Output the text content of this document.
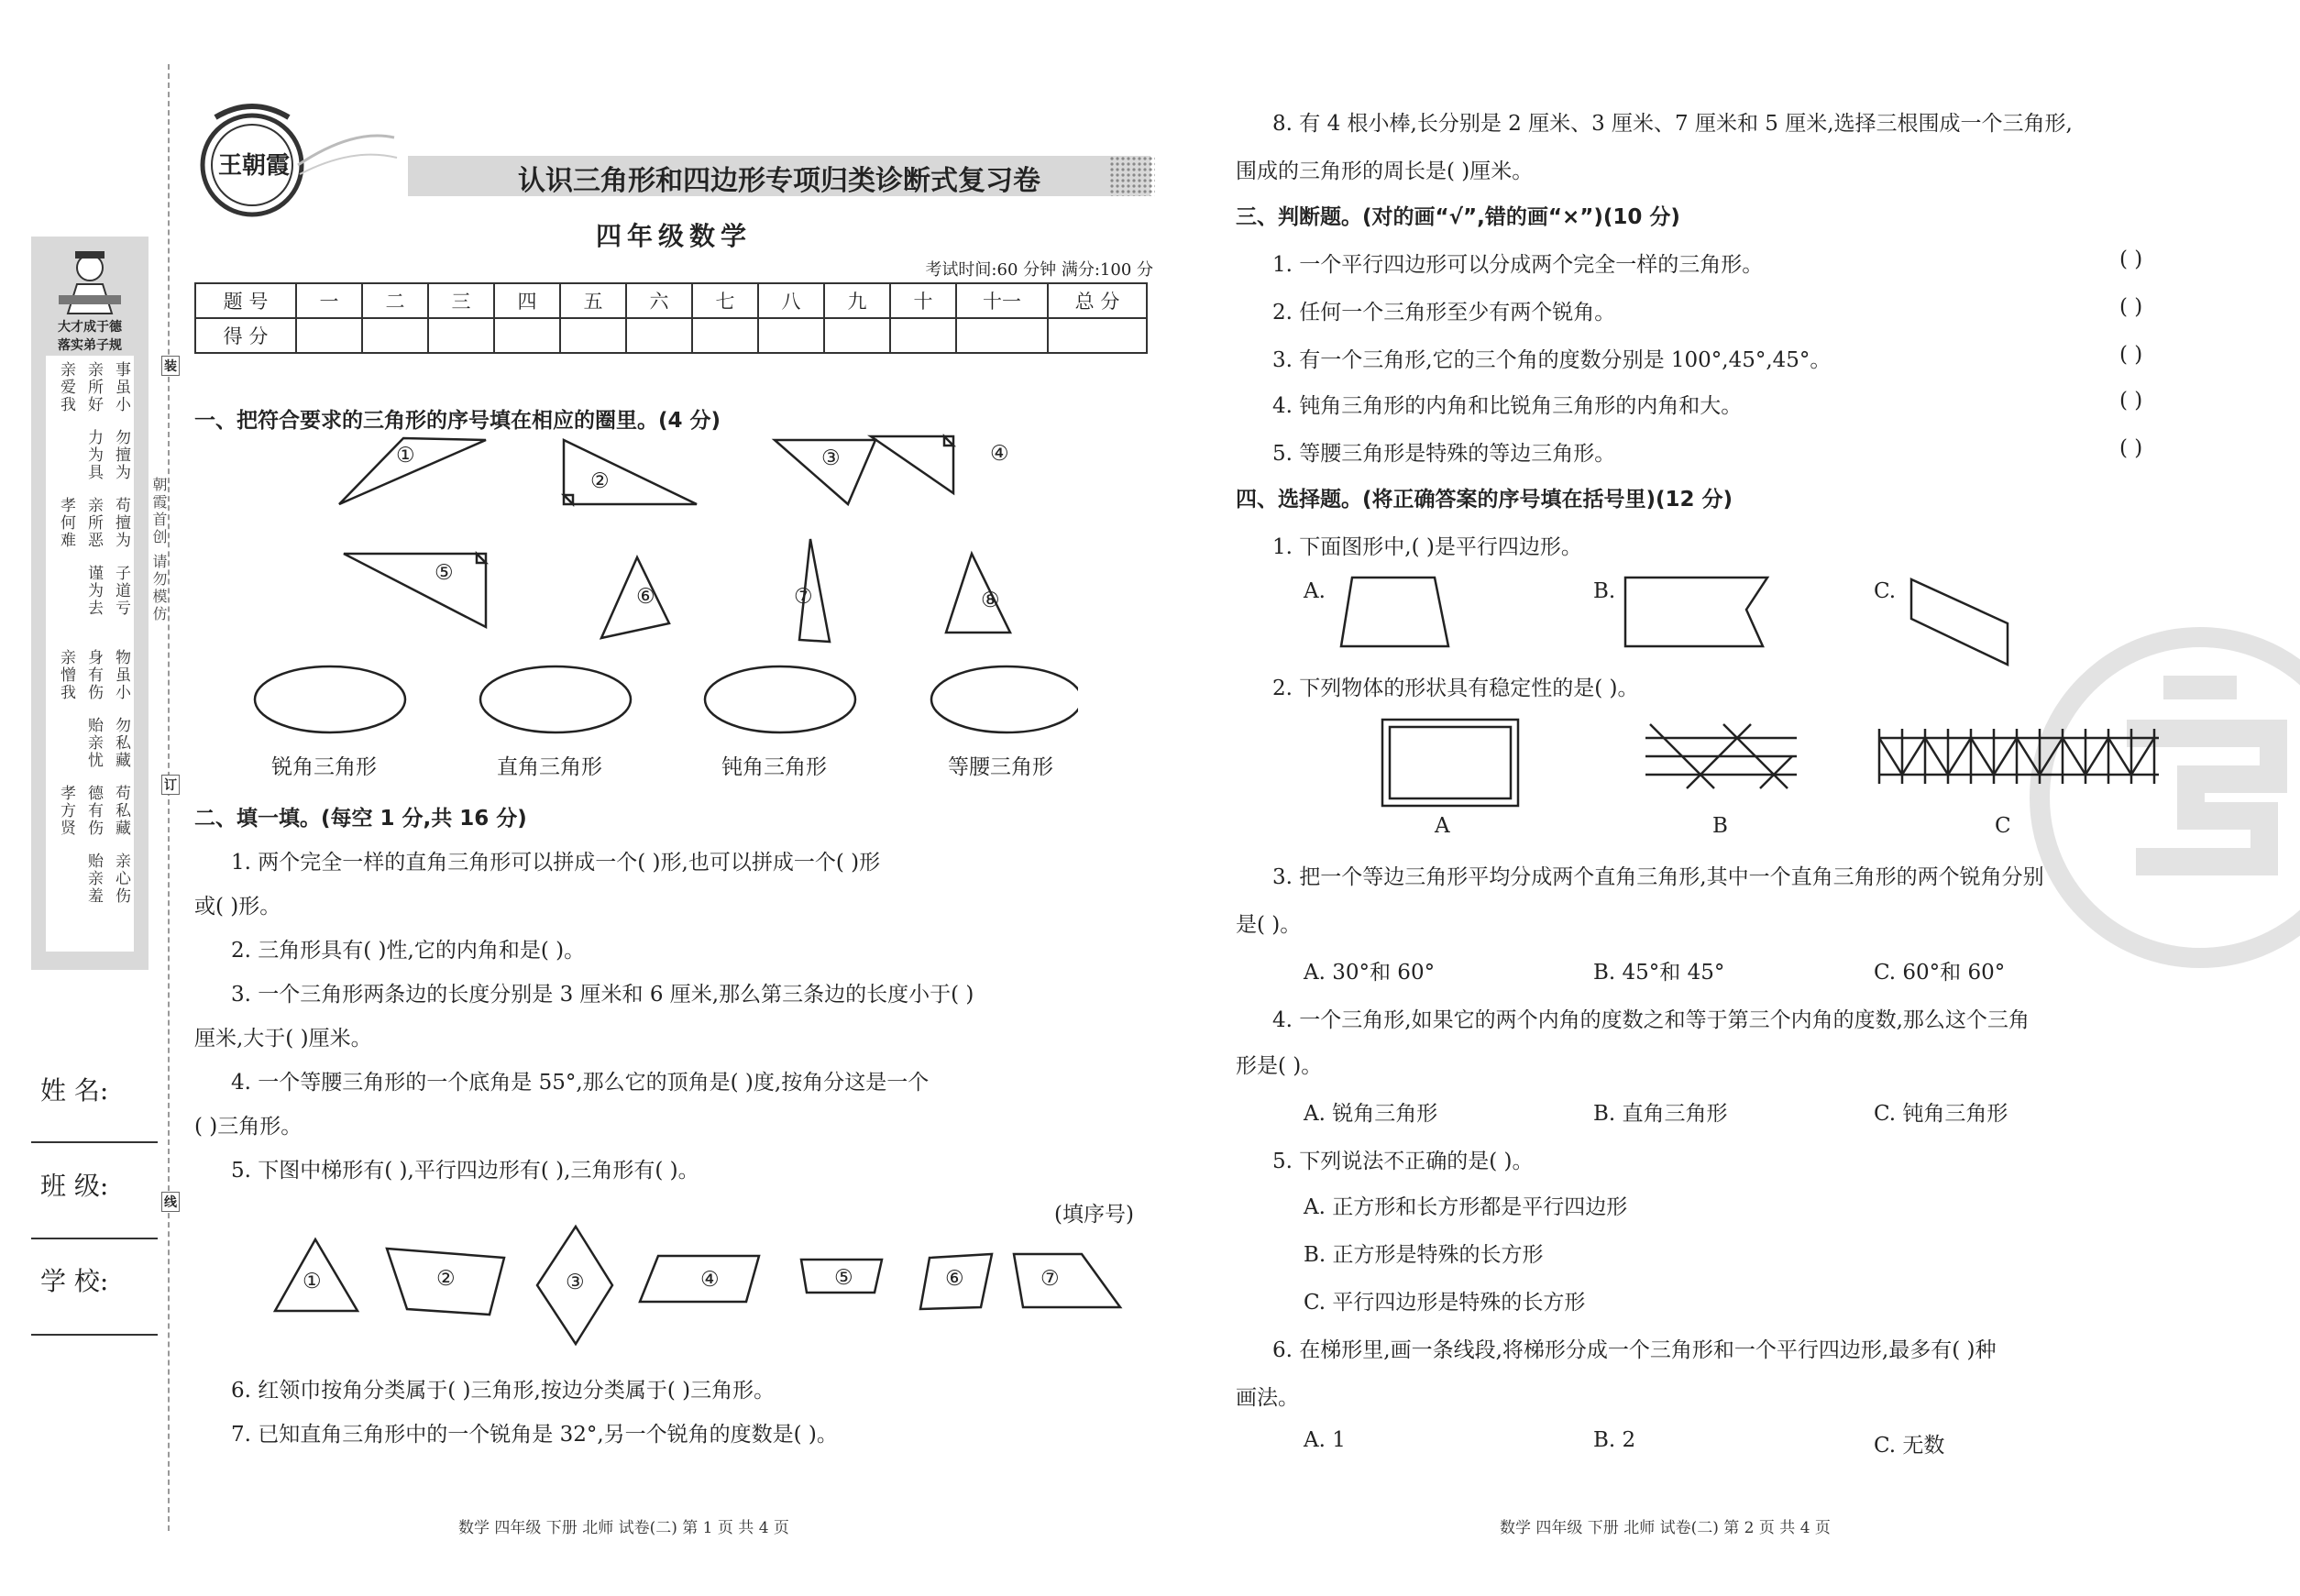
装
订
线
朝霞首创 请勿模仿
大才成于德
落实弟子规
事虽小
勿擅为
苟擅为
子道亏
物虽小
勿私藏
苟私藏
亲心伤
亲所好
力为具
亲所恶
谨为去
身有伤
贻亲忧
德有伤
贻亲羞
亲爱我
孝何难
亲憎我
孝方贤
姓 名:
班 级:
学 校:
王朝霞	认识三角形和四边形专项归类诊断式复习卷
四年级数学
考试时间:60 分钟 满分:100 分
题 号	一	二	三	四	五	六	七	八	九	十	十一	总 分
得 分												
一、把符合要求的三角形的序号填在相应的圈里。(4 分)
①
②
③	④
⑤
⑥	⑦	⑧
锐角三角形	直角三角形	钝角三角形	等腰三角形
二、填一填。(每空 1 分,共 16 分)
1. 两个完全一样的直角三角形可以拼成一个( )形,也可以拼成一个( )形
或( )形。
2. 三角形具有( )性,它的内角和是( )。
3. 一个三角形两条边的长度分别是 3 厘米和 6 厘米,那么第三条边的长度小于( )
厘米,大于( )厘米。
4. 一个等腰三角形的一个底角是 55°,那么它的顶角是( )度,按角分这是一个
( )三角形。
5. 下图中梯形有( ),平行四边形有( ),三角形有( )。
(填序号)
①	②	③	④	⑤	⑥	⑦
6. 红领巾按角分类属于( )三角形,按边分类属于( )三角形。
7. 已知直角三角形中的一个锐角是 32°,另一个锐角的度数是( )。
数学 四年级 下册 北师 试卷(二) 第 1 页 共 4 页
8. 有 4 根小棒,长分别是 2 厘米、3 厘米、7 厘米和 5 厘米,选择三根围成一个三角形,
围成的三角形的周长是( )厘米。
三、判断题。(对的画“√”,错的画“×”)(10 分)
1. 一个平行四边形可以分成两个完全一样的三角形。	( )
2. 任何一个三角形至少有两个锐角。	( )
3. 有一个三角形,它的三个角的度数分别是 100°,45°,45°。	( )
4. 钝角三角形的内角和比锐角三角形的内角和大。	( )
5. 等腰三角形是特殊的等边三角形。	( )
四、选择题。(将正确答案的序号填在括号里)(12 分)
1. 下面图形中,( )是平行四边形。
A.	B.	C.
2. 下列物体的形状具有稳定性的是( )。
A	B	C
3. 把一个等边三角形平均分成两个直角三角形,其中一个直角三角形的两个锐角分别
是( )。
A. 30°和 60°	B. 45°和 45°	C. 60°和 60°
4. 一个三角形,如果它的两个内角的度数之和等于第三个内角的度数,那么这个三角
形是( )。
A. 锐角三角形	B. 直角三角形	C. 钝角三角形
5. 下列说法不正确的是( )。
A. 正方形和长方形都是平行四边形
B. 正方形是特殊的长方形
C. 平行四边形是特殊的长方形
6. 在梯形里,画一条线段,将梯形分成一个三角形和一个平行四边形,最多有( )种
画法。
A. 1	B. 2	C. 无数
数学 四年级 下册 北师 试卷(二) 第 2 页 共 4 页
